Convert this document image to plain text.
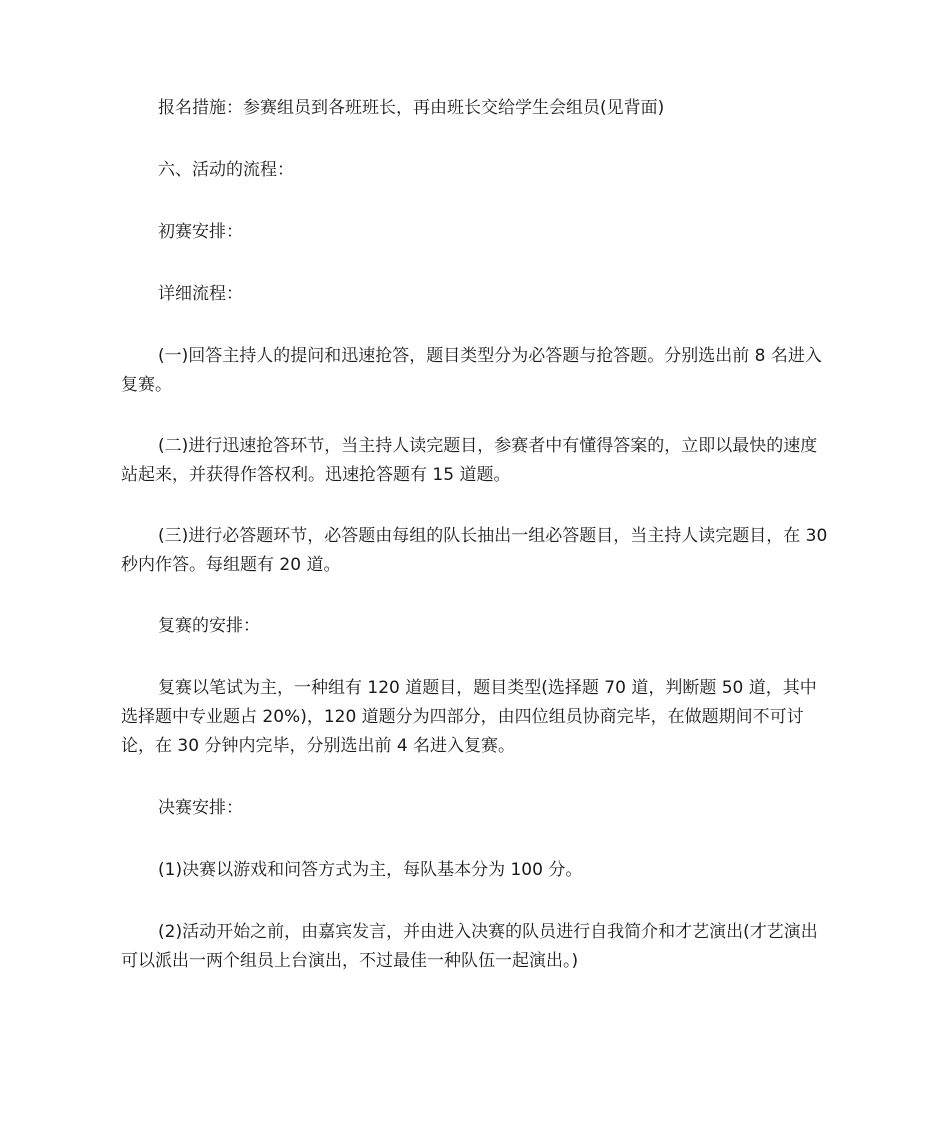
报名措施：参赛组员到各班班长，再由班长交给学生会组员(见背面)

六、活动的流程：

初赛安排：

详细流程：

(一)回答主持人的提问和迅速抢答，题目类型分为必答题与抢答题。分别选出前 8 名进入复赛。

(二)进行迅速抢答环节，当主持人读完题目，参赛者中有懂得答案的，立即以最快的速度站起来，并获得作答权利。迅速抢答题有 15 道题。

(三)进行必答题环节，必答题由每组的队长抽出一组必答题目，当主持人读完题目，在 30 秒内作答。每组题有 20 道。

复赛的安排：

复赛以笔试为主，一种组有 120 道题目，题目类型(选择题 70 道，判断题 50 道，其中选择题中专业题占 20%)，120 道题分为四部分，由四位组员协商完毕，在做题期间不可讨论，在 30 分钟内完毕，分别选出前 4 名进入复赛。

决赛安排：

(1)决赛以游戏和问答方式为主，每队基本分为 100 分。

(2)活动开始之前，由嘉宾发言，并由进入决赛的队员进行自我简介和才艺演出(才艺演出可以派出一两个组员上台演出，不过最佳一种队伍一起演出。)
